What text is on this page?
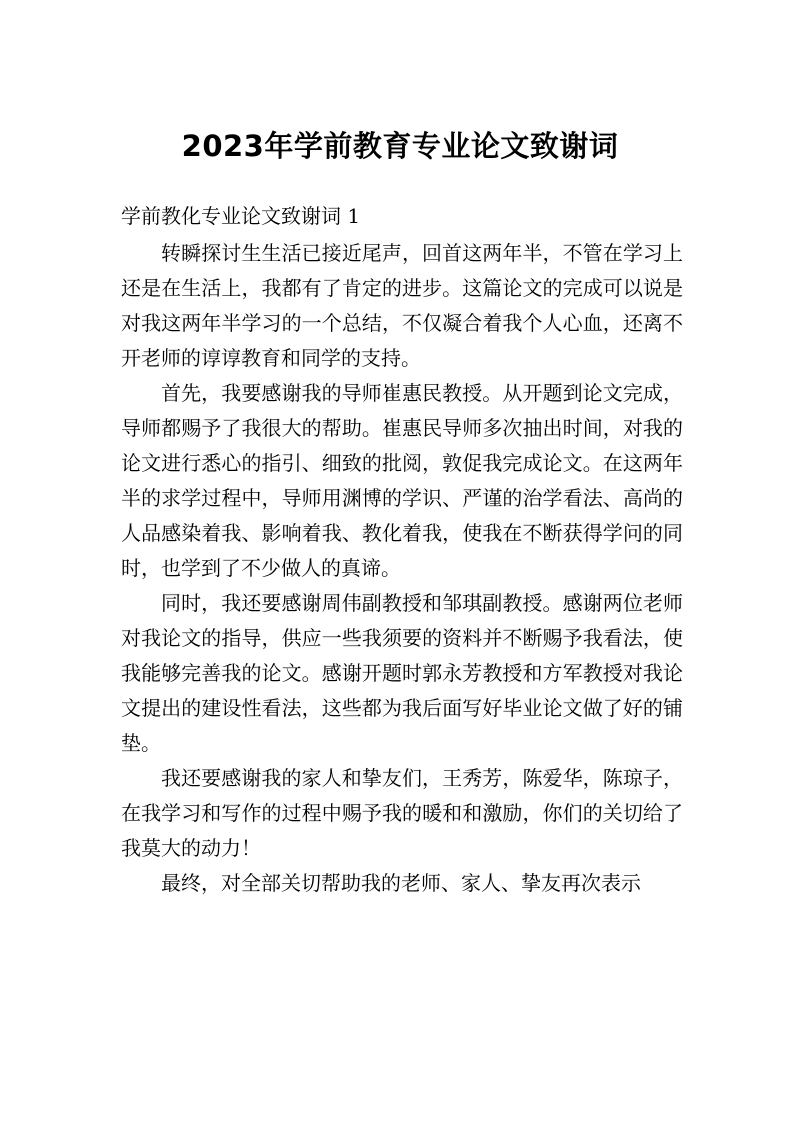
2023年学前教育专业论文致谢词

学前教化专业论文致谢词 1

转瞬探讨生生活已接近尾声，回首这两年半，不管在学习上还是在生活上，我都有了肯定的进步。这篇论文的完成可以说是对我这两年半学习的一个总结，不仅凝合着我个人心血，还离不开老师的谆谆教育和同学的支持。

首先，我要感谢我的导师崔惠民教授。从开题到论文完成，导师都赐予了我很大的帮助。崔惠民导师多次抽出时间，对我的论文进行悉心的指引、细致的批阅，敦促我完成论文。在这两年半的求学过程中，导师用渊博的学识、严谨的治学看法、高尚的人品感染着我、影响着我、教化着我，使我在不断获得学问的同时，也学到了不少做人的真谛。

同时，我还要感谢周伟副教授和邹琪副教授。感谢两位老师对我论文的指导，供应一些我须要的资料并不断赐予我看法，使我能够完善我的论文。感谢开题时郭永芳教授和方军教授对我论文提出的建设性看法，这些都为我后面写好毕业论文做了好的铺垫。

我还要感谢我的家人和挚友们，王秀芳，陈爱华，陈琼子，在我学习和写作的过程中赐予我的暖和和激励，你们的关切给了我莫大的动力！

最终，对全部关切帮助我的老师、家人、挚友再次表示
